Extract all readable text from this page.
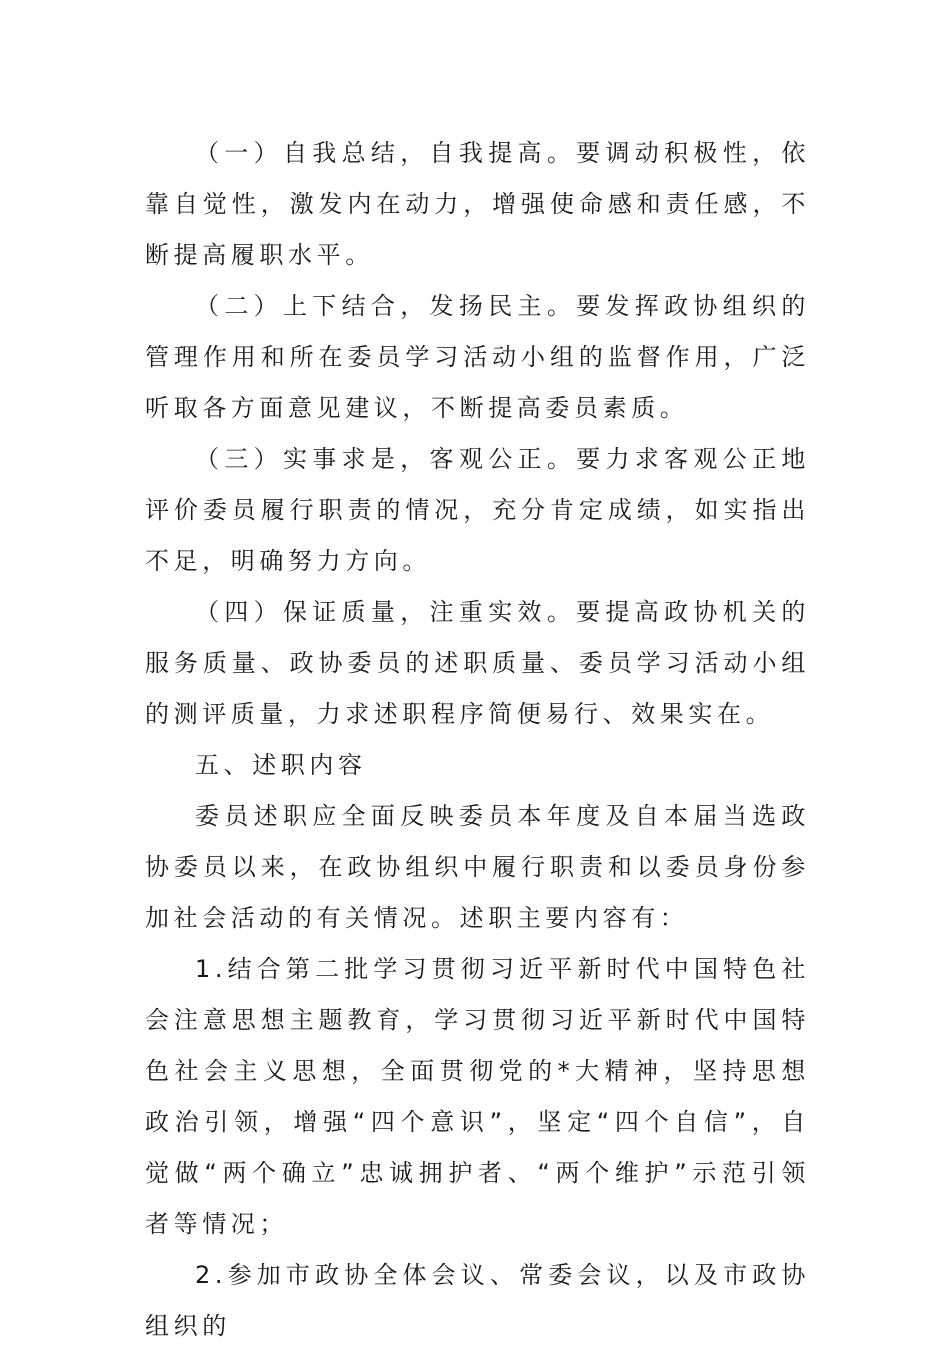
（一）自我总结，自我提高。要调动积极性，依靠自觉性，激发内在动力，增强使命感和责任感，不断提高履职水平。

（二）上下结合，发扬民主。要发挥政协组织的管理作用和所在委员学习活动小组的监督作用，广泛听取各方面意见建议，不断提高委员素质。

（三）实事求是，客观公正。要力求客观公正地评价委员履行职责的情况，充分肯定成绩，如实指出不足，明确努力方向。

（四）保证质量，注重实效。要提高政协机关的服务质量、政协委员的述职质量、委员学习活动小组的测评质量，力求述职程序简便易行、效果实在。

五、述职内容

委员述职应全面反映委员本年度及自本届当选政协委员以来，在政协组织中履行职责和以委员身份参加社会活动的有关情况。述职主要内容有：

1.结合第二批学习贯彻习近平新时代中国特色社会注意思想主题教育，学习贯彻习近平新时代中国特色社会主义思想，全面贯彻党的*大精神，坚持思想政治引领，增强“四个意识”，坚定“四个自信”，自觉做“两个确立”忠诚拥护者、“两个维护”示范引领者等情况；

2.参加市政协全体会议、常委会议，以及市政协组织的
